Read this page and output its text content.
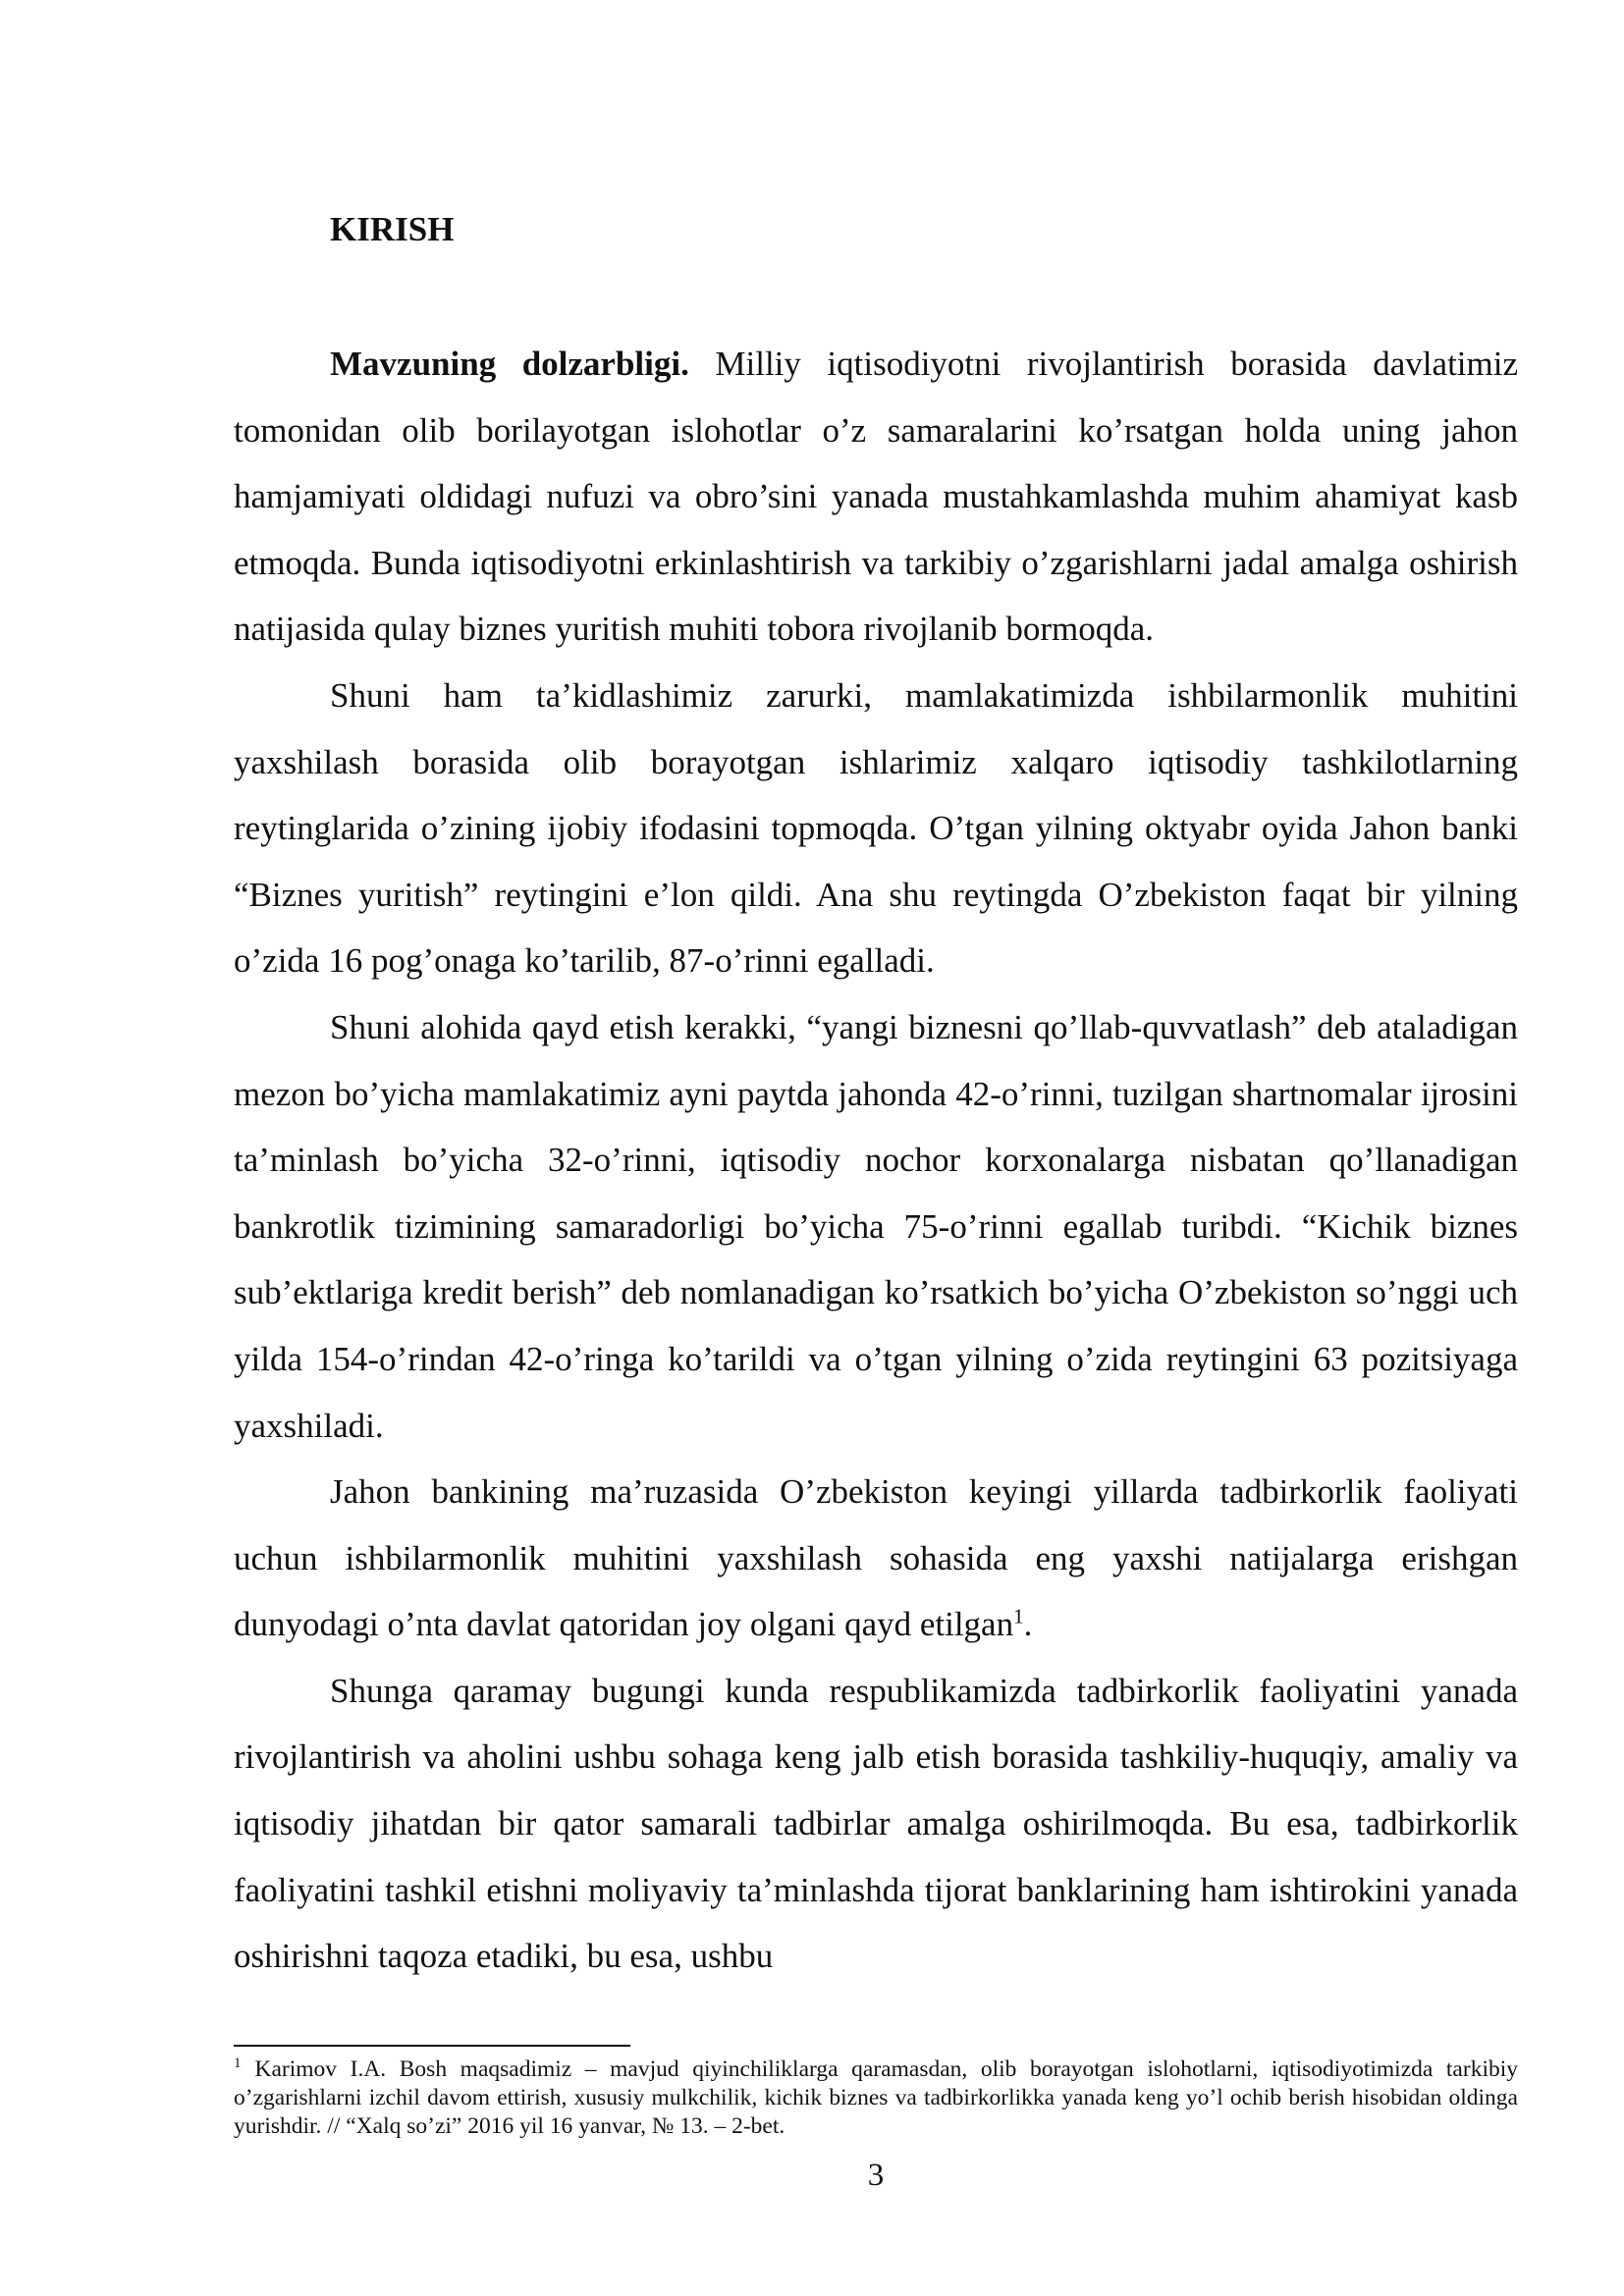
KIRISH

Mavzuning dolzarbligi. Milliy iqtisodiyotni rivojlantirish borasida davlatimiz tomonidan olib borilayotgan islohotlar o’z samaralarini ko’rsatgan holda uning jahon hamjamiyati oldidagi nufuzi va obro’sini yanada mustahkamlashda muhim ahamiyat kasb etmoqda. Bunda iqtisodiyotni erkinlashtirish va tarkibiy o’zgarishlarni jadal amalga oshirish natijasida qulay biznes yuritish muhiti tobora rivojlanib bormoqda.

Shuni ham ta’kidlashimiz zarurki, mamlakatimizda ishbilarmonlik muhitini yaxshilash borasida olib borayotgan ishlarimiz xalqaro iqtisodiy tashkilotlarning reytinglarida o’zining ijobiy ifodasini topmoqda. O’tgan yilning oktyabr oyida Jahon banki “Biznes yuritish” reytingini e’lon qildi. Ana shu reytingda O’zbekiston faqat bir yilning o’zida 16 pog’onaga ko’tarilib, 87-o’rinni egalladi.

Shuni alohida qayd etish kerakki, “yangi biznesni qo’llab-quvvatlash” deb ataladigan mezon bo’yicha mamlakatimiz ayni paytda jahonda 42-o’rinni, tuzilgan shartnomalar ijrosini ta’minlash bo’yicha 32-o’rinni, iqtisodiy nochor korxonalarga nisbatan qo’llanadigan bankrotlik tizimining samaradorligi bo’yicha 75-o’rinni egallab turibdi. “Kichik biznes sub’ektlariga kredit berish” deb nomlanadigan ko’rsatkich bo’yicha O’zbekiston so’nggi uch yilda 154-o’rindan 42-o’ringa ko’tarildi va o’tgan yilning o’zida reytingini 63 pozitsiyaga yaxshiladi.

Jahon bankining ma’ruzasida O’zbekiston keyingi yillarda tadbirkorlik faoliyati uchun ishbilarmonlik muhitini yaxshilash sohasida eng yaxshi natijalarga erishgan dunyodagi o’nta davlat qatoridan joy olgani qayd etilgan$^1$.

Shunga qaramay bugungi kunda respublikamizda tadbirkorlik faoliyatini yanada rivojlantirish va aholini ushbu sohaga keng jalb etish borasida tashkiliy-huquqiy, amaliy va iqtisodiy jihatdan bir qator samarali tadbirlar amalga oshirilmoqda. Bu esa, tadbirkorlik faoliyatini tashkil etishni moliyaviy ta’minlashda tijorat banklarining ham ishtirokini yanada oshirishni taqoza etadiki, bu esa, ushbu

$^1$ Karimov I.A. Bosh maqsadimiz – mavjud qiyinchiliklarga qaramasdan, olib borayotgan islohotlarni, iqtisodiyotimizda tarkibiy o’zgarishlarni izchil davom ettirish, xususiy mulkchilik, kichik biznes va tadbirkorlikka yanada keng yo’l ochib berish hisobidan oldinga yurishdir. // “Xalq so’zi” 2016 yil 16 yanvar, № 13. – 2-bet.

3
